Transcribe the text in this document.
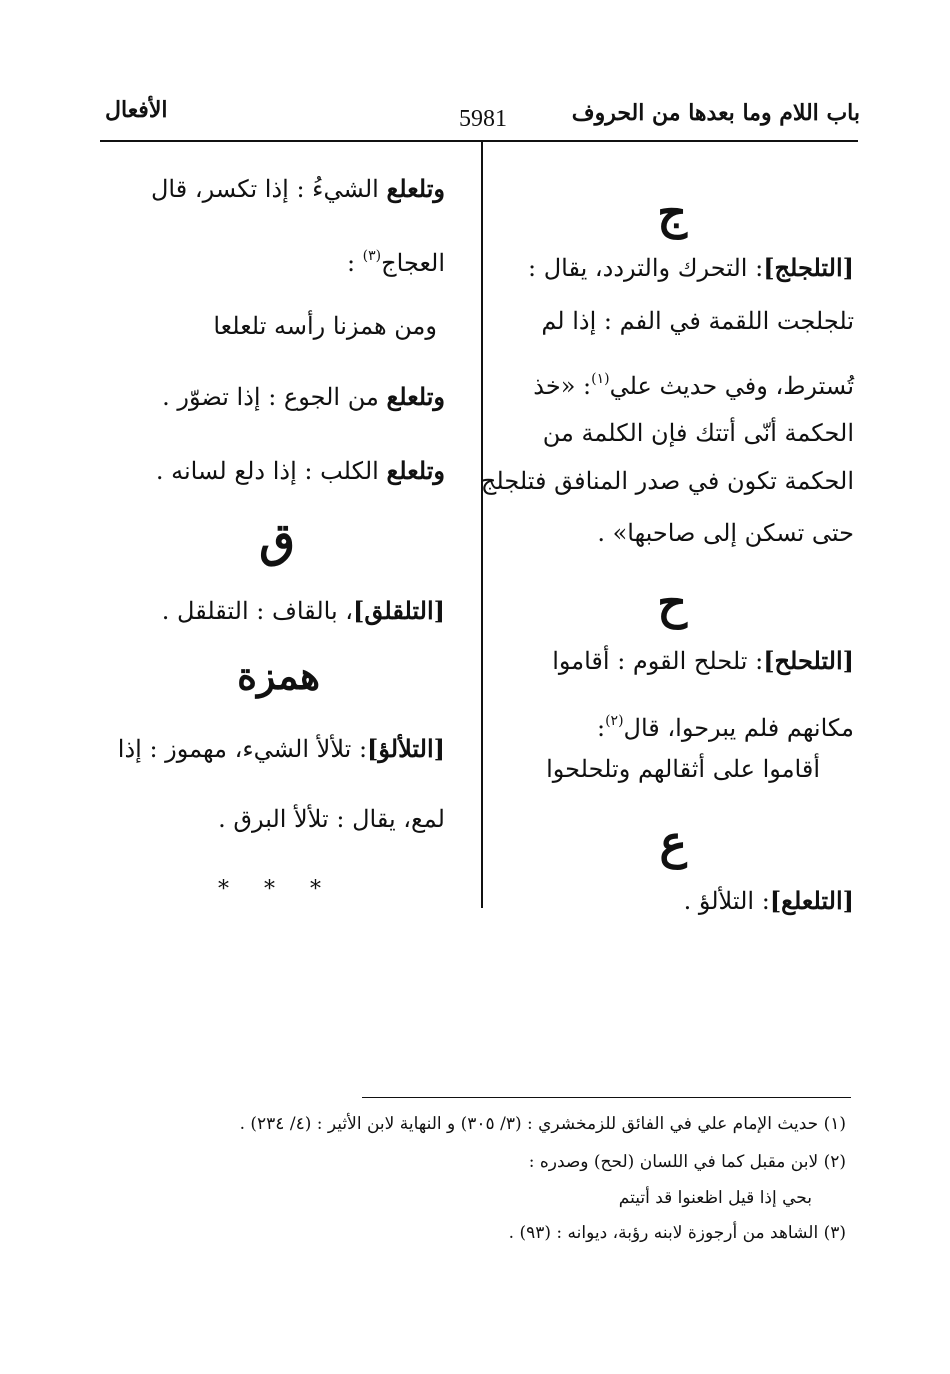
باب اللام وما بعدها من الحروف
5981
الأفعال
ج
[التلجلج]: التحرك والتردد، يقال :
تلجلجت اللقمة في الفم : إذا لم
تُسترط، وفي حديث علي$^{(١)}$: «خذ
الحكمة أنّى أتتك فإن الكلمة من
الحكمة تكون في صدر المنافق فتلجلج
حتى تسكن إلى صاحبها» .
ح
[التلحلح]: تلحلح القوم : أقاموا
مكانهم فلم يبرحوا، قال$^{(٢)}$:
أقاموا على أثقالهم وتلحلحوا
ع
[التلعلع]: التلألؤ .
وتلعلع الشيءُ : إذا تكسر، قال
العجاج$^{(٣)}$ :
ومن همزنا رأسه تلعلعا
وتلعلع من الجوع : إذا تضوّر .
وتلعلع الكلب : إذا دلع لسانه .
ق
[التلقلق]، بالقاف : التقلقل .
همزة
[التلألؤ]: تلألأ الشيء، مهموز : إذا
لمع، يقال : تلألأ البرق .
* * *
(١) حديث الإمام علي في الفائق للزمخشري : (٣/ ٣٠٥) و النهاية لابن الأثير : (٤/ ٢٣٤) .
(٢) لابن مقبل كما في اللسان (لحح) وصدره :
بحي إذا قيل اظعنوا قد أتيتم
(٣) الشاهد من أرجوزة لابنه رؤبة، ديوانه : (٩٣) .
